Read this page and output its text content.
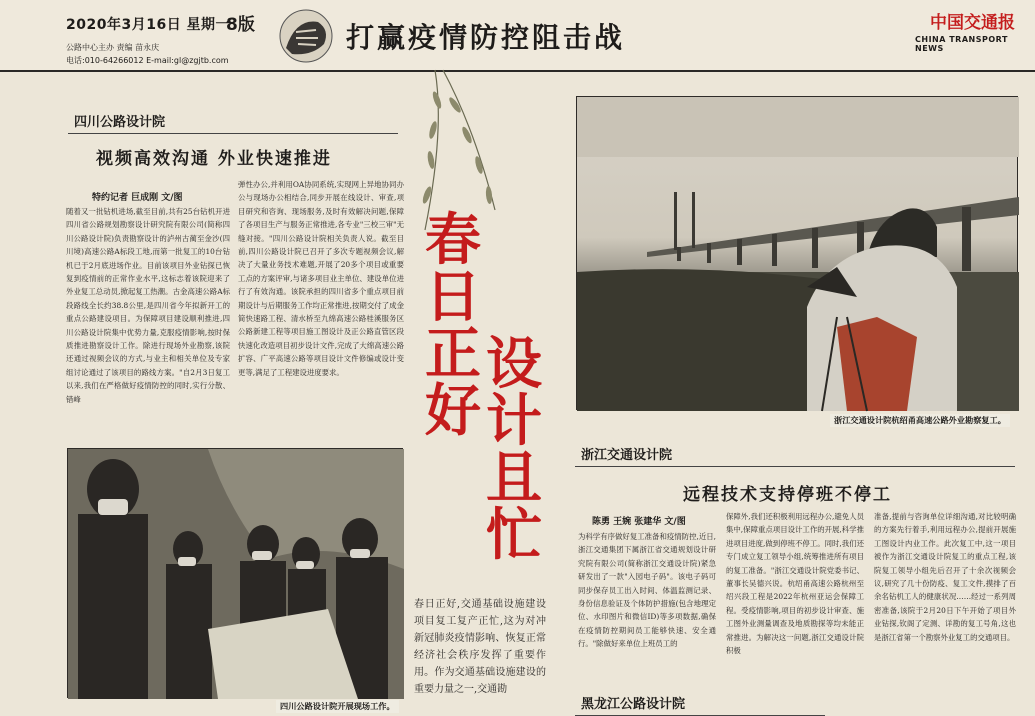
2020年3月16日 星期一
8版
公路中心主办 责编 苗永庆
电话:010-64266012 E-mail:gl@zgjtb.com
打赢疫情防控阻击战	中国交通报
CHINA TRANSPORT NEWS
四川公路设计院
视频高效沟通 外业快速推进
特约记者 巨成刚 文/图
随着又一批钻机进场,截至目前,共有25台钻机开进四川省公路规划勘察设计研究院有限公司(简称四川公路设计院)负责勘察设计的泸州古蔺至金沙(四川境)高速公路A标段工地,而第一批复工的10台钻机已于2月底进场作业。目前该项目外业钻探已恢复到疫情前的正常作业水平,这标志着该院迎来了外业复工总动员,掀起复工热潮。古金高速公路A标段路线全长约38.8公里,是四川省今年拟新开工的重点公路建设项目。为保障项目建设顺利推进,四川公路设计院集中优势力量,克服疫情影响,按时保质推进勘察设计工作。除进行现场外业勘察,该院还通过视频会议的方式,与业主和相关单位及专家组讨论通过了该项目的路线方案。"自2月3日复工以来,我们在严格做好疫情防控的同时,实行分散、错峰
弹性办公,并利用OA协同系统,实现网上异地协同办公与现场办公相结合,同步开展在线设计、审查,项目研究和咨询、现场服务,及时有效解决问题,保障了各项目生产与服务正常推进,各专业"三校三审"无缝对接。"四川公路设计院相关负责人说。截至目前,四川公路设计院已召开了多次专题视频会议,解决了大量业务技术难题,开展了20多个项目或重要工点的方案评审,与诸多项目业主单位、建设单位进行了有效沟通。该院承担的四川省多个重点项目前期设计与后期服务工作均正常推进,按期交付了成金简快速路工程、清水桥至九绵高速公路桂溪服务区公路新建工程等项目施工图设计及正公路直管区段快速化改造项目初步设计文件,完成了大绵高速公路扩容、广平高速公路等项目设计文件修编或设计变更等,满足了工程建设进度要求。
春日正好
设计且忙
浙江交通设计院杭绍甬高速公路外业勘察复工。
浙江交通设计院
远程技术支持停班不停工
陈勇 王婉 张建华 文/图
为科学有序做好复工准备和疫情防控,近日,浙江交通集团下属浙江省交通规划设计研究院有限公司(简称浙江交通设计院)紧急研发出了一款"入园电子码"。该电子码可同步保存员工出入时间、体温监测记录、身份信息验证及个体防护措施(包含地理定位、水印图片和微信ID)等多项数据,确保在疫情防控期间员工能够快速、安全通行。"除做好来单位上班员工的
保障外,我们还积极利用远程办公,避免人员集中,保障重点项目设计工作的开展,科学推进项目进度,做到停班不停工。同时,我们还专门成立复工领导小组,统筹推进所有项目的复工准备。"浙江交通设计院党委书记、董事长吴德兴说。杭绍甬高速公路杭州至绍兴段工程是2022年杭州亚运会保障工程。受疫情影响,项目的初步设计审查、施工图外业测量调查及地质勘探等均未能正常推进。为解决这一问题,浙江交通设计院积极
准备,提前与咨询单位详细沟通,对比较明确的方案先行着手,利用远程办公,提前开展施工图设计内业工作。此次复工中,这一项目被作为浙江交通设计院复工的重点工程,该院复工领导小组先后召开了十余次视频会议,研究了几十份防疫、复工文件,摸排了百余名钻机工人的健康状况……经过一系列周密准备,该院于2月20日下午开始了项目外业钻探,钦阁了定测、详勘的复工号角,这也是浙江省第一个勘察外业复工的交通项目。
四川公路设计院开展现场工作。
春日正好,交通基础设施建设项目复工复产正忙,这为对冲新冠肺炎疫情影响、恢复正常经济社会秩序发挥了重要作用。作为交通基础设施建设的重要力量之一,交通勘
黑龙江公路设计院
